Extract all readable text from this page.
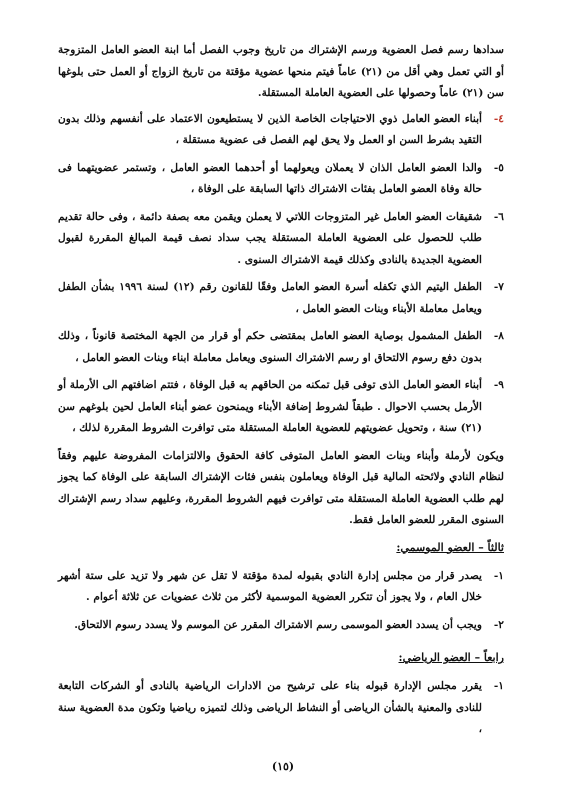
سدادها رسم فصل العضوية ورسم الإشتراك من تاريخ وجوب الفصل أما ابنة العضو العامل المتزوجة أو التي تعمل وهي أقل من (٢١) عاماً فيتم منحها عضوية مؤقتة من تاريخ الزواج أو العمل حتى بلوغها سن (٢١) عاماً وحصولها على العضوية العاملة المستقلة.

٤-
أبناء العضو العامل ذوي الاحتياجات الخاصة الذين لا يستطيعون الاعتماد على أنفسهم وذلك بدون التقيد بشرط السن او العمل ولا يحق لهم الفصل فى عضوية مستقلة ،
٥-
والدا العضو العامل الذان لا يعملان ويعولهما أو أحدهما العضو العامل ، وتستمر عضويتهما فى حالة وفاة العضو العامل بفئات الاشتراك ذاتها السابقة على الوفاة ،
٦-
شقيقات العضو العامل غير المتزوجات اللاتي لا يعملن ويقمن معه بصفة دائمة ، وفى حالة تقديم طلب للحصول على العضوية العاملة المستقلة يجب سداد نصف قيمة المبالغ المقررة لقبول العضوية الجديدة بالنادى وكذلك قيمة الاشتراك السنوى .
٧-
الطفل اليتيم الذي تكفله أسرة العضو العامل وفقًا للقانون رقم (١٢) لسنة ١٩٩٦ بشأن الطفل ويعامل معاملة الأبناء وبنات العضو العامل ،
٨-
الطفل المشمول بوصاية العضو العامل بمقتضى حكم أو قرار من الجهة المختصة قانوناً ، وذلك بدون دفع رسوم الالتحاق او رسم الاشتراك السنوى ويعامل معاملة ابناء وبنات العضو العامل ،
٩-
أبناء العضو العامل الذى توفى قبل تمكنه من الحاقهم به قبل الوفاة ، فتتم اضافتهم الى الأرملة أو الأرمل بحسب الاحوال . طبقاً لشروط إضافة الأبناء ويمنحون عضو أبناء العامل لحين بلوغهم سن (٢١) سنة ، وتحويل عضويتهم للعضوية العاملة المستقلة متى توافرت الشروط المقررة لذلك ،

ويكون لأرملة وأبناء وبنات العضو العامل المتوفى كافة الحقوق والالتزامات المفروضة عليهم وفقاً لنظام النادي ولائحته المالية قبل الوفاة ويعاملون بنفس فئات الإشتراك السابقة على الوفاة كما يجوز لهم طلب العضوية العاملة المستقلة متى توافرت فيهم الشروط المقررة، وعليهم سداد رسم الإشتراك السنوى المقرر للعضو العامل فقط.

ثالثاً – العضو الموسمي:
١-
يصدر قرار من مجلس إدارة النادي بقبوله لمدة مؤقتة لا تقل عن شهر ولا تزيد على ستة أشهر خلال العام ، ولا يجوز أن تتكرر العضوية الموسمية لأكثر من ثلاث عضويات عن ثلاثة أعوام .
٢-
ويجب أن يسدد العضو الموسمى رسم الاشتراك المقرر عن الموسم ولا يسدد رسوم الالتحاق.
رابعاً – العضو الرياضي:
١-
يقرر مجلس الإدارة قبوله بناء على ترشيح من الادارات الرياضية بالنادى أو الشركات التابعة للنادى والمعنية بالشأن الرياضى أو النشاط الرياضى وذلك لتميزه رياضيا وتكون مدة العضوية سنة ،
(١٥)
